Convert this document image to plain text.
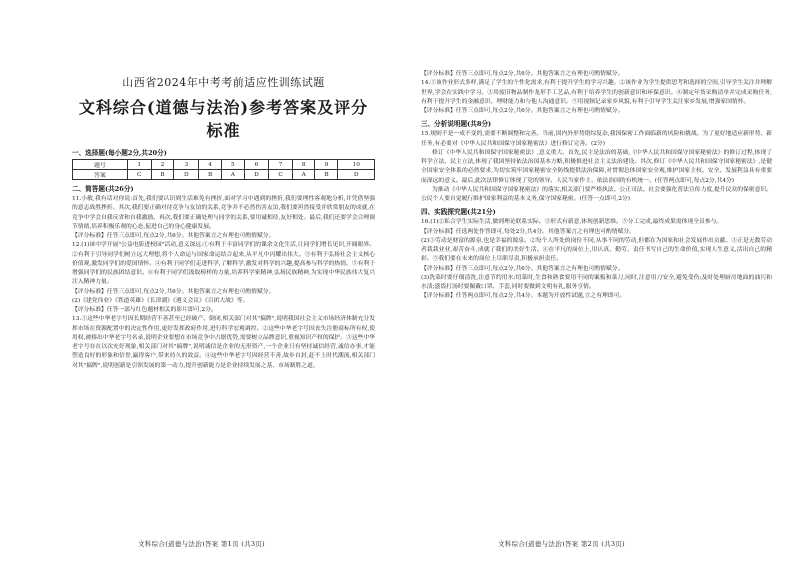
山西省2024年中考考前适应性训练试题
文科综合(道德与法治)参考答案及评分标准
一、选择题(每小题2分,共20分)
题号	1	2	3	4	5	6	7	8	9	10
答案	C	B	D	B	A	D	C	A	B	D
二、简答题(共26分)

11.小敏,我有话对你说:首先,我们要认识到生活难免有挫折,面对学习中遇到的挫折,我们要理性客观地分析,并凭借坚强的意志战胜挫折。其次,我们要正确对待竞争与友谊的关系,竞争并不必然伤害友谊,我们要坦然接受并欣赏朋友的成就,在竞争中学会自我反省和自我激励。再次,我们要正确处理与同学的关系,要用诚相待,友好相处。最后,我们还要学会合理调节情绪,培养积极乐观的心态,促进自己的身心健康发展。

【评分标准】任答三点即可,每点2分,共6分。其他答案言之有理也可酌情赋分。

12.(1)该中学开展"公益电影进校园"活动,意义深远:①有利于丰富同学们的课余文化生活,让同学们增长见识,开阔眼界。②有利于引导同学们树立远大理想,将个人命运与国家命运结合起来,从平凡中闪耀出伟大。③有利于弘扬社会主义核心价值观,激发同学们的爱国情怀。④有利于同学们走进科学,了解科学,激发对科学的兴趣,提高参与科学的热情。⑤有利于增强同学们的民族团结意识。⑥有利于同学们汲取榜样的力量,培养科学家精神,弘扬民族精神,为实现中华民族伟大复兴注入精神力量。

【评分标准】任答三点即可,每点2分,共6分。其他答案言之有理也可酌情赋分。

(2)《建党伟业》《铁道英雄》《长津湖》《遵义会议》《百团大战》等。

【评分标准】任答一部与红色题材相关的影片即可,2分。

13.①这些中华老字号因长期经营不善甚至已经破产、倒闭,相关部门对其"搞牌",说明我国社会主义市场经济体制充分发挥市场在资源配置中的决定性作用,更好发挥政府作用,进行科学宏观调控。②这些中华老字号因丧失注册商标所有权,使用权,被移出中华老字号名录,说明企业要想在市场竞争中占据优势,需要树立品牌意识,重视知识产权的保护。③这些中华老字号存在以次充好现象,相关部门对其"搞牌",说明诚信是企业的无形资产,一个企业只有坚持诚信经营,诚信办事,才能塑造良好的形象和信誉,赢得客户,带来持久的效益。④这些中华老字号因经营不善,故步自封,赶不上时代潮流,相关部门对其"搞牌",说明创新是引领发展的第一动力,提升创新能力是企业持续发展之基、市场制胜之道。

【评分标准】任答三点即可,每点2分,共6分。其他答案言之有理也可酌情赋分。

14.①该作业形式多样,满足了学生的个性化需求,有利于提升学生的学习兴趣。②该作业为学生提供思考和选择的空间,引导学生关注并理解世界,学会在实践中学习。③用废旧物品制作龙形手工艺品,有利于培养学生的创新意识和环保意识。④制定年货采购清单并完成采购任务,有利于提升学生的金融意识、理财能力和与他人沟通意识。⑤用视频记录家乡风貌,有利于引导学生关注家乡发展,增强家国情怀。

【评分标准】任答三点即可,每点2分,共6分。其他答案言之有理也可酌情赋分。

三、分析说明题(共8分)

15.规则不是一成不变的,需要不断调整和完善。当前,国内外形势错综复杂,我国保密工作面临新的风险和挑战。为了更好地适应新形势、新任务,有必要对《中华人民共和国保守国家秘密法》进行修订完善。(2分)

修订《中华人民共和国保守国家秘密法》,意义重大。首先,民主是法治的基础,《中华人民共和国保守国家秘密法》的修订过程,体现了科学立法、民主立法,体现了我国坚持依法治国基本方略,积极推进社会主义法治建设。其次,修订《中华人民共和国保守国家秘密法》,是健全国家安全体系的必然要求,为切实筑牢国家秘密安全防线提供法治保障,对贯彻总体国家安全观,维护国家主权、安全、发展利益具有重要而深远的意义。最后,此次法律修订体现了党的领导、人民当家作主、依法治国的有机统一。(任答两点即可,每点2分,共4分)

为推动《中华人民共和国保守国家秘密法》的落实,相关部门要严格执法、公正司法。社会要强化普法宣传力度,提升民众的保密意识。公民个人要自觉履行维护国家利益的基本义务,保守国家秘密。(任答一点即可,2分)

四、实践探究题(共21分)

16.(1)②私合学生实际生活,做到理论联系实际。③形式有新意,体现创新思维。⑤分工完成,最终成果需体现全员参与。

【评分标准】任选两处作答即可,每处2分,共4分。其他答案言之有理也可酌情赋分。

(2)①劳动是财富的源泉,也是幸福的源泉。②每个人所处的岗位不同,从事不同的劳动,但都在为国家和社会发展作出贡献。③正是无数劳动者栽栽业业,艰苦奋斗,成就了我们的美好生活。④在平凡的岗位上,用认真、勤劳、责任书写自己的生命价值,实现人生意义,活出自己的精彩。⑤我们要在未来的岗位上尽职尽责,积极承担责任。

【评分标准】任答三点即可,每点2分,共6分。其他答案言之有理也可酌情赋分。

(3)洗菜时要仔细清洗,注意节约用水;切菜时,生食和熟食要用不同的案板和菜刀,同时,注意用刀安全,避免受伤;及时处理厨房地面的油污和水渍;盛饭打汤时要佩戴口罩、手套,同时要做到文明有礼,服务亨情。

【评分标准】任答两点即可,每点2分,共4分。本题为开放性试题,言之有理即可。

文科综合(道德与法治)答案 第1页 (共3页)	文科综合(道德与法治)答案 第2页 (共3页)
